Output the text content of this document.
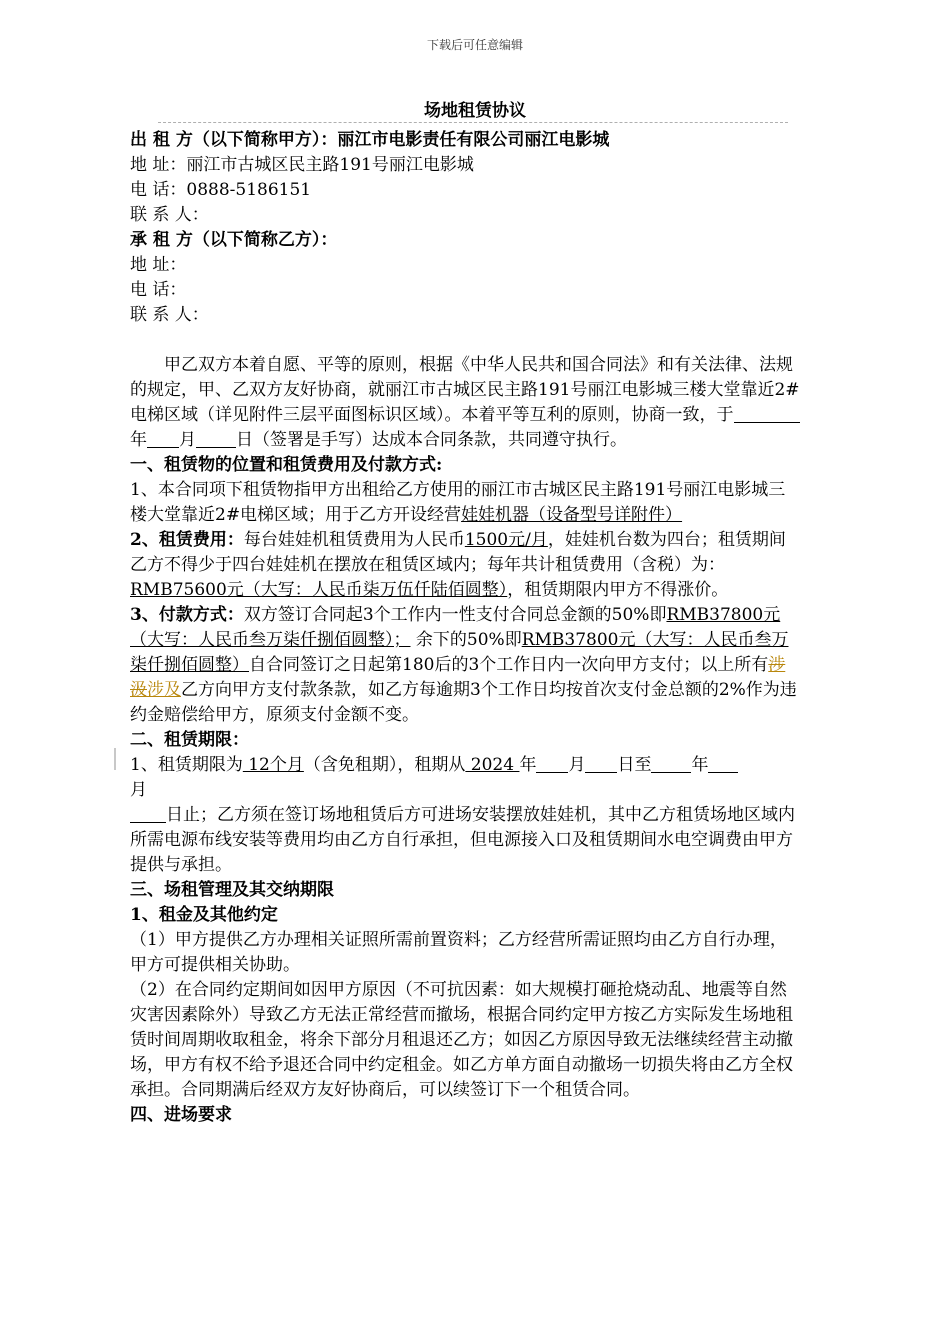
下载后可任意编辑
场地租赁协议

出 租 方（以下简称甲方）：丽江市电影责任有限公司丽江电影城

地 址：丽江市古城区民主路191号丽江电影城

电 话：0888-5186151

联 系 人：

承 租 方（以下简称乙方）：

地 址：

电 话：

联 系 人：

甲乙双方本着自愿、平等的原则，根据《中华人民共和国合同法》和有关法律、法规的规定，甲、乙双方友好协商，就丽江市古城区民主路191号丽江电影城三楼大堂靠近2#电梯区域（详见附件三层平面图标识区域）。本着平等互利的原则，协商一致，于年 月 日（签署是手写）达成本合同条款，共同遵守执行。

一、租赁物的位置和租赁费用及付款方式:

1、本合同项下租赁物指甲方出租给乙方使用的丽江市古城区民主路191号丽江电影城三楼大堂靠近2#电梯区域；用于乙方开设经营娃娃机器（设备型号详附件）

2、租赁费用：每台娃娃机租赁费用为人民币1500元/月，娃娃机台数为四台；租赁期间乙方不得少于四台娃娃机在摆放在租赁区域内；每年共计租赁费用（含税）为：RMB75600元（大写：人民币柒万伍仟陆佰圆整），租赁期限内甲方不得涨价。

3、付款方式：双方签订合同起3个工作内一性支付合同总金额的50%即RMB37800元（大写：人民币叁万柒仟捌佰圆整）； 余下的50%即RMB37800元（大写：人民币叁万柒仟捌佰圆整）自合同签订之日起第180后的3个工作日内一次向甲方支付；以上所有涉汲涉及乙方向甲方支付款条款，如乙方每逾期3个工作日均按首次支付金总额的2%作为违约金赔偿给甲方，原须支付金额不变。

二、租赁期限：

1、租赁期限为 12个月（含免租期），租期从 2024 年 月 日至 年
月

日止；乙方须在签订场地租赁后方可进场安装摆放娃娃机，其中乙方租赁场地区域内所需电源布线安装等费用均由乙方自行承担，但电源接入口及租赁期间水电空调费由甲方提供与承担。

三、场租管理及其交纳期限

1、租金及其他约定

（1）甲方提供乙方办理相关证照所需前置资料；乙方经营所需证照均由乙方自行办理，甲方可提供相关协助。

（2）在合同约定期间如因甲方原因（不可抗因素：如大规模打砸抢烧动乱、地震等自然灾害因素除外）导致乙方无法正常经营而撤场，根据合同约定甲方按乙方实际发生场地租赁时间周期收取租金，将余下部分月租退还乙方；如因乙方原因导致无法继续经营主动撤场，甲方有权不给予退还合同中约定租金。如乙方单方面自动撤场一切损失将由乙方全权承担。合同期满后经双方友好协商后，可以续签订下一个租赁合同。

四、进场要求
